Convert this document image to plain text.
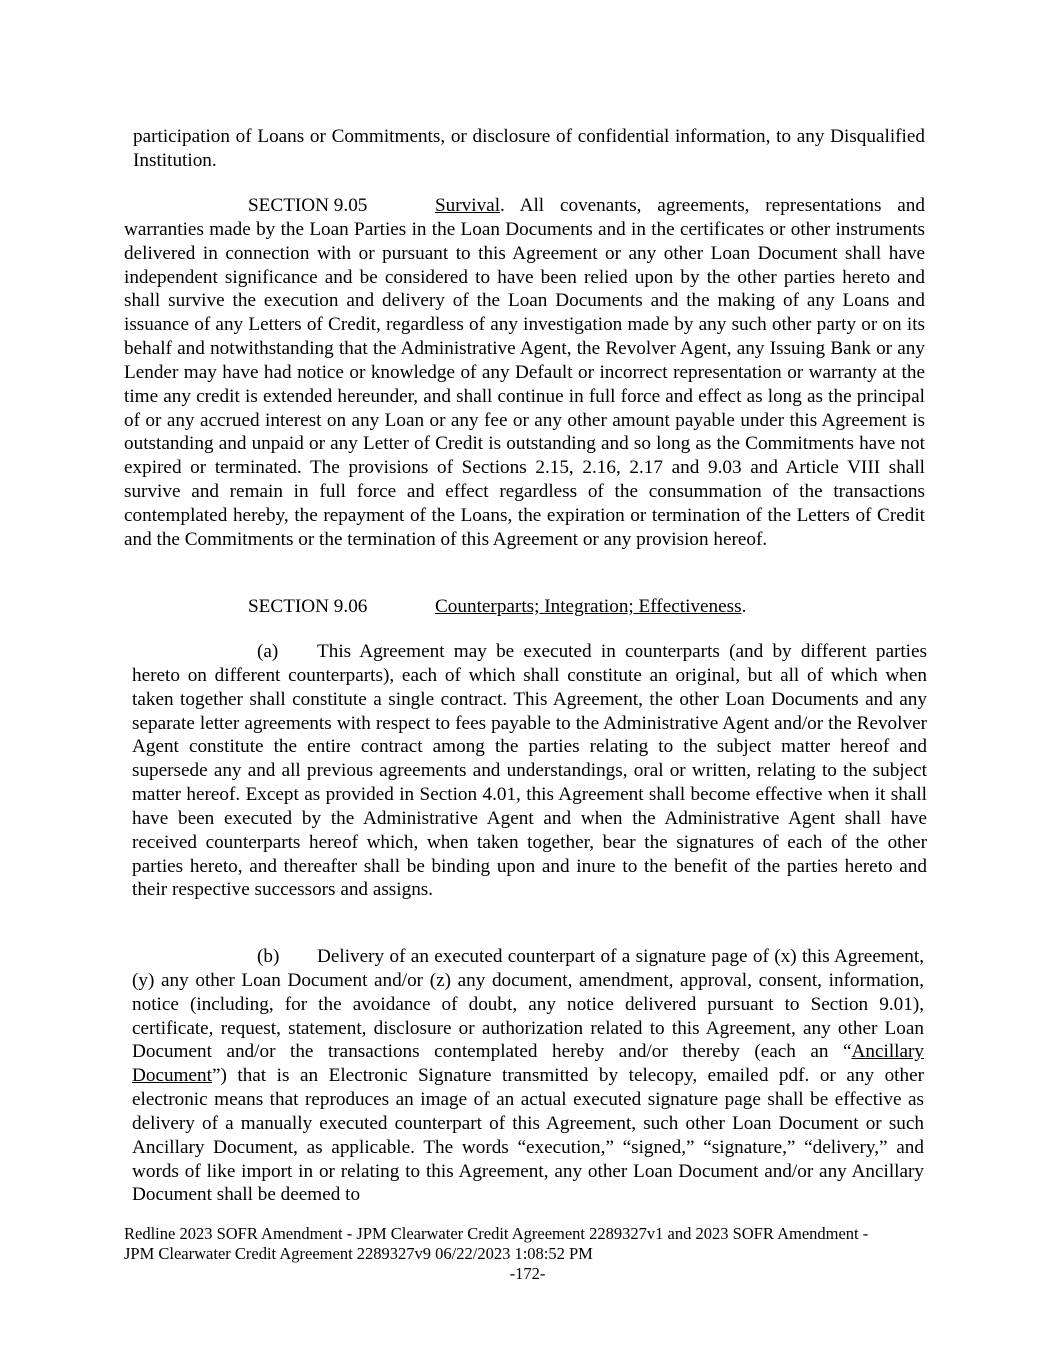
participation of Loans or Commitments, or disclosure of confidential information, to any Disqualified Institution.

SECTION 9.05	Survival. All covenants, agreements, representations and warranties made by the Loan Parties in the Loan Documents and in the certificates or other instruments delivered in connection with or pursuant to this Agreement or any other Loan Document shall have independent significance and be considered to have been relied upon by the other parties hereto and shall survive the execution and delivery of the Loan Documents and the making of any Loans and issuance of any Letters of Credit, regardless of any investigation made by any such other party or on its behalf and notwithstanding that the Administrative Agent, the Revolver Agent, any Issuing Bank or any Lender may have had notice or knowledge of any Default or incorrect representation or warranty at the time any credit is extended hereunder, and shall continue in full force and effect as long as the principal of or any accrued interest on any Loan or any fee or any other amount payable under this Agreement is outstanding and unpaid or any Letter of Credit is outstanding and so long as the Commitments have not expired or terminated. The provisions of Sections 2.15, 2.16, 2.17 and 9.03 and Article VIII shall survive and remain in full force and effect regardless of the consummation of the transactions contemplated hereby, the repayment of the Loans, the expiration or termination of the Letters of Credit and the Commitments or the termination of this Agreement or any provision hereof.

SECTION 9.06	Counterparts; Integration; Effectiveness.

(a) This Agreement may be executed in counterparts (and by different parties hereto on different counterparts), each of which shall constitute an original, but all of which when taken together shall constitute a single contract. This Agreement, the other Loan Documents and any separate letter agreements with respect to fees payable to the Administrative Agent and/or the Revolver Agent constitute the entire contract among the parties relating to the subject matter hereof and supersede any and all previous agreements and understandings, oral or written, relating to the subject matter hereof. Except as provided in Section 4.01, this Agreement shall become effective when it shall have been executed by the Administrative Agent and when the Administrative Agent shall have received counterparts hereof which, when taken together, bear the signatures of each of the other parties hereto, and thereafter shall be binding upon and inure to the benefit of the parties hereto and their respective successors and assigns.

(b) Delivery of an executed counterpart of a signature page of (x) this Agreement, (y) any other Loan Document and/or (z) any document, amendment, approval, consent, information, notice (including, for the avoidance of doubt, any notice delivered pursuant to Section 9.01), certificate, request, statement, disclosure or authorization related to this Agreement, any other Loan Document and/or the transactions contemplated hereby and/or thereby (each an “Ancillary Document”) that is an Electronic Signature transmitted by telecopy, emailed pdf. or any other electronic means that reproduces an image of an actual executed signature page shall be effective as delivery of a manually executed counterpart of this Agreement, such other Loan Document or such Ancillary Document, as applicable. The words “execution,” “signed,” “signature,” “delivery,” and words of like import in or relating to this Agreement, any other Loan Document and/or any Ancillary Document shall be deemed to

Redline 2023 SOFR Amendment - JPM Clearwater Credit Agreement 2289327v1 and 2023 SOFR Amendment -
JPM Clearwater Credit Agreement 2289327v9 06/22/2023 1:08:52 PM
-172-
